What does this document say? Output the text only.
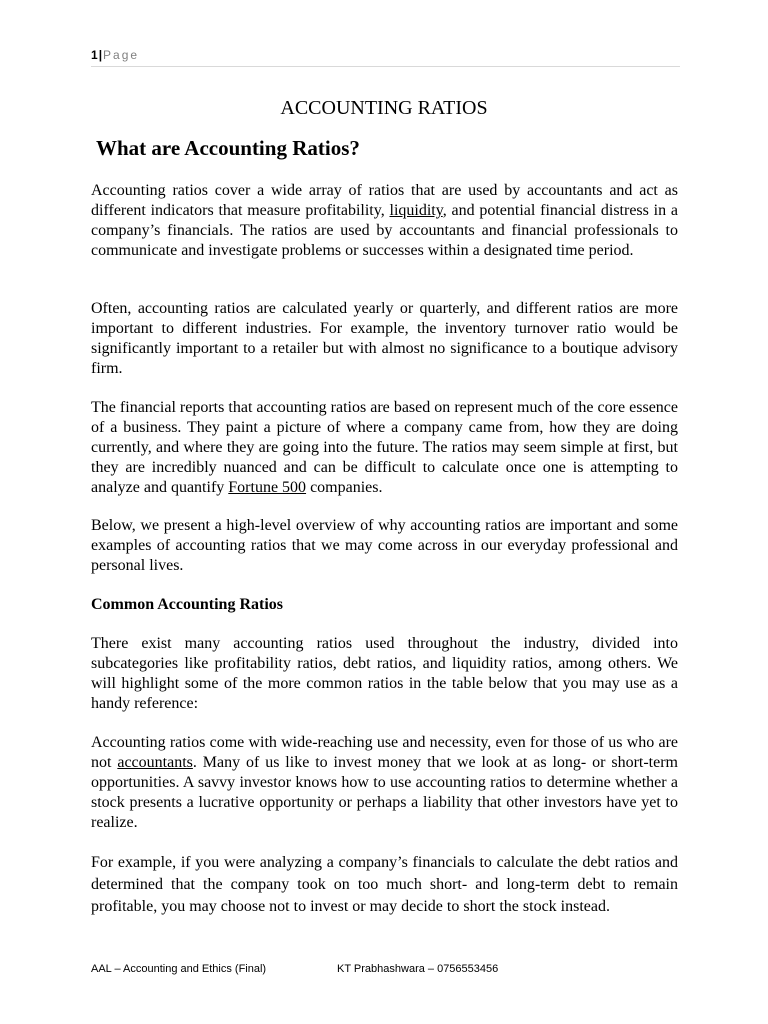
1|Page
ACCOUNTING RATIOS
What are Accounting Ratios?

Accounting ratios cover a wide array of ratios that are used by accountants and act as different indicators that measure profitability, liquidity, and potential financial distress in a company’s financials. The ratios are used by accountants and financial professionals to communicate and investigate problems or successes within a designated time period.

Often, accounting ratios are calculated yearly or quarterly, and different ratios are more important to different industries. For example, the inventory turnover ratio would be significantly important to a retailer but with almost no significance to a boutique advisory firm.

The financial reports that accounting ratios are based on represent much of the core essence of a business. They paint a picture of where a company came from, how they are doing currently, and where they are going into the future. The ratios may seem simple at first, but they are incredibly nuanced and can be difficult to calculate once one is attempting to analyze and quantify Fortune 500 companies.

Below, we present a high-level overview of why accounting ratios are important and some examples of accounting ratios that we may come across in our everyday professional and personal lives.

Common Accounting Ratios

There exist many accounting ratios used throughout the industry, divided into subcategories like profitability ratios, debt ratios, and liquidity ratios, among others. We will highlight some of the more common ratios in the table below that you may use as a handy reference:

Accounting ratios come with wide-reaching use and necessity, even for those of us who are not accountants. Many of us like to invest money that we look at as long- or short-term opportunities. A savvy investor knows how to use accounting ratios to determine whether a stock presents a lucrative opportunity or perhaps a liability that other investors have yet to realize.

For example, if you were analyzing a company’s financials to calculate the debt ratios and determined that the company took on too much short- and long-term debt to remain profitable, you may choose not to invest or may decide to short the stock instead.

AAL – Accounting and Ethics (Final)	KT Prabhashwara – 0756553456
